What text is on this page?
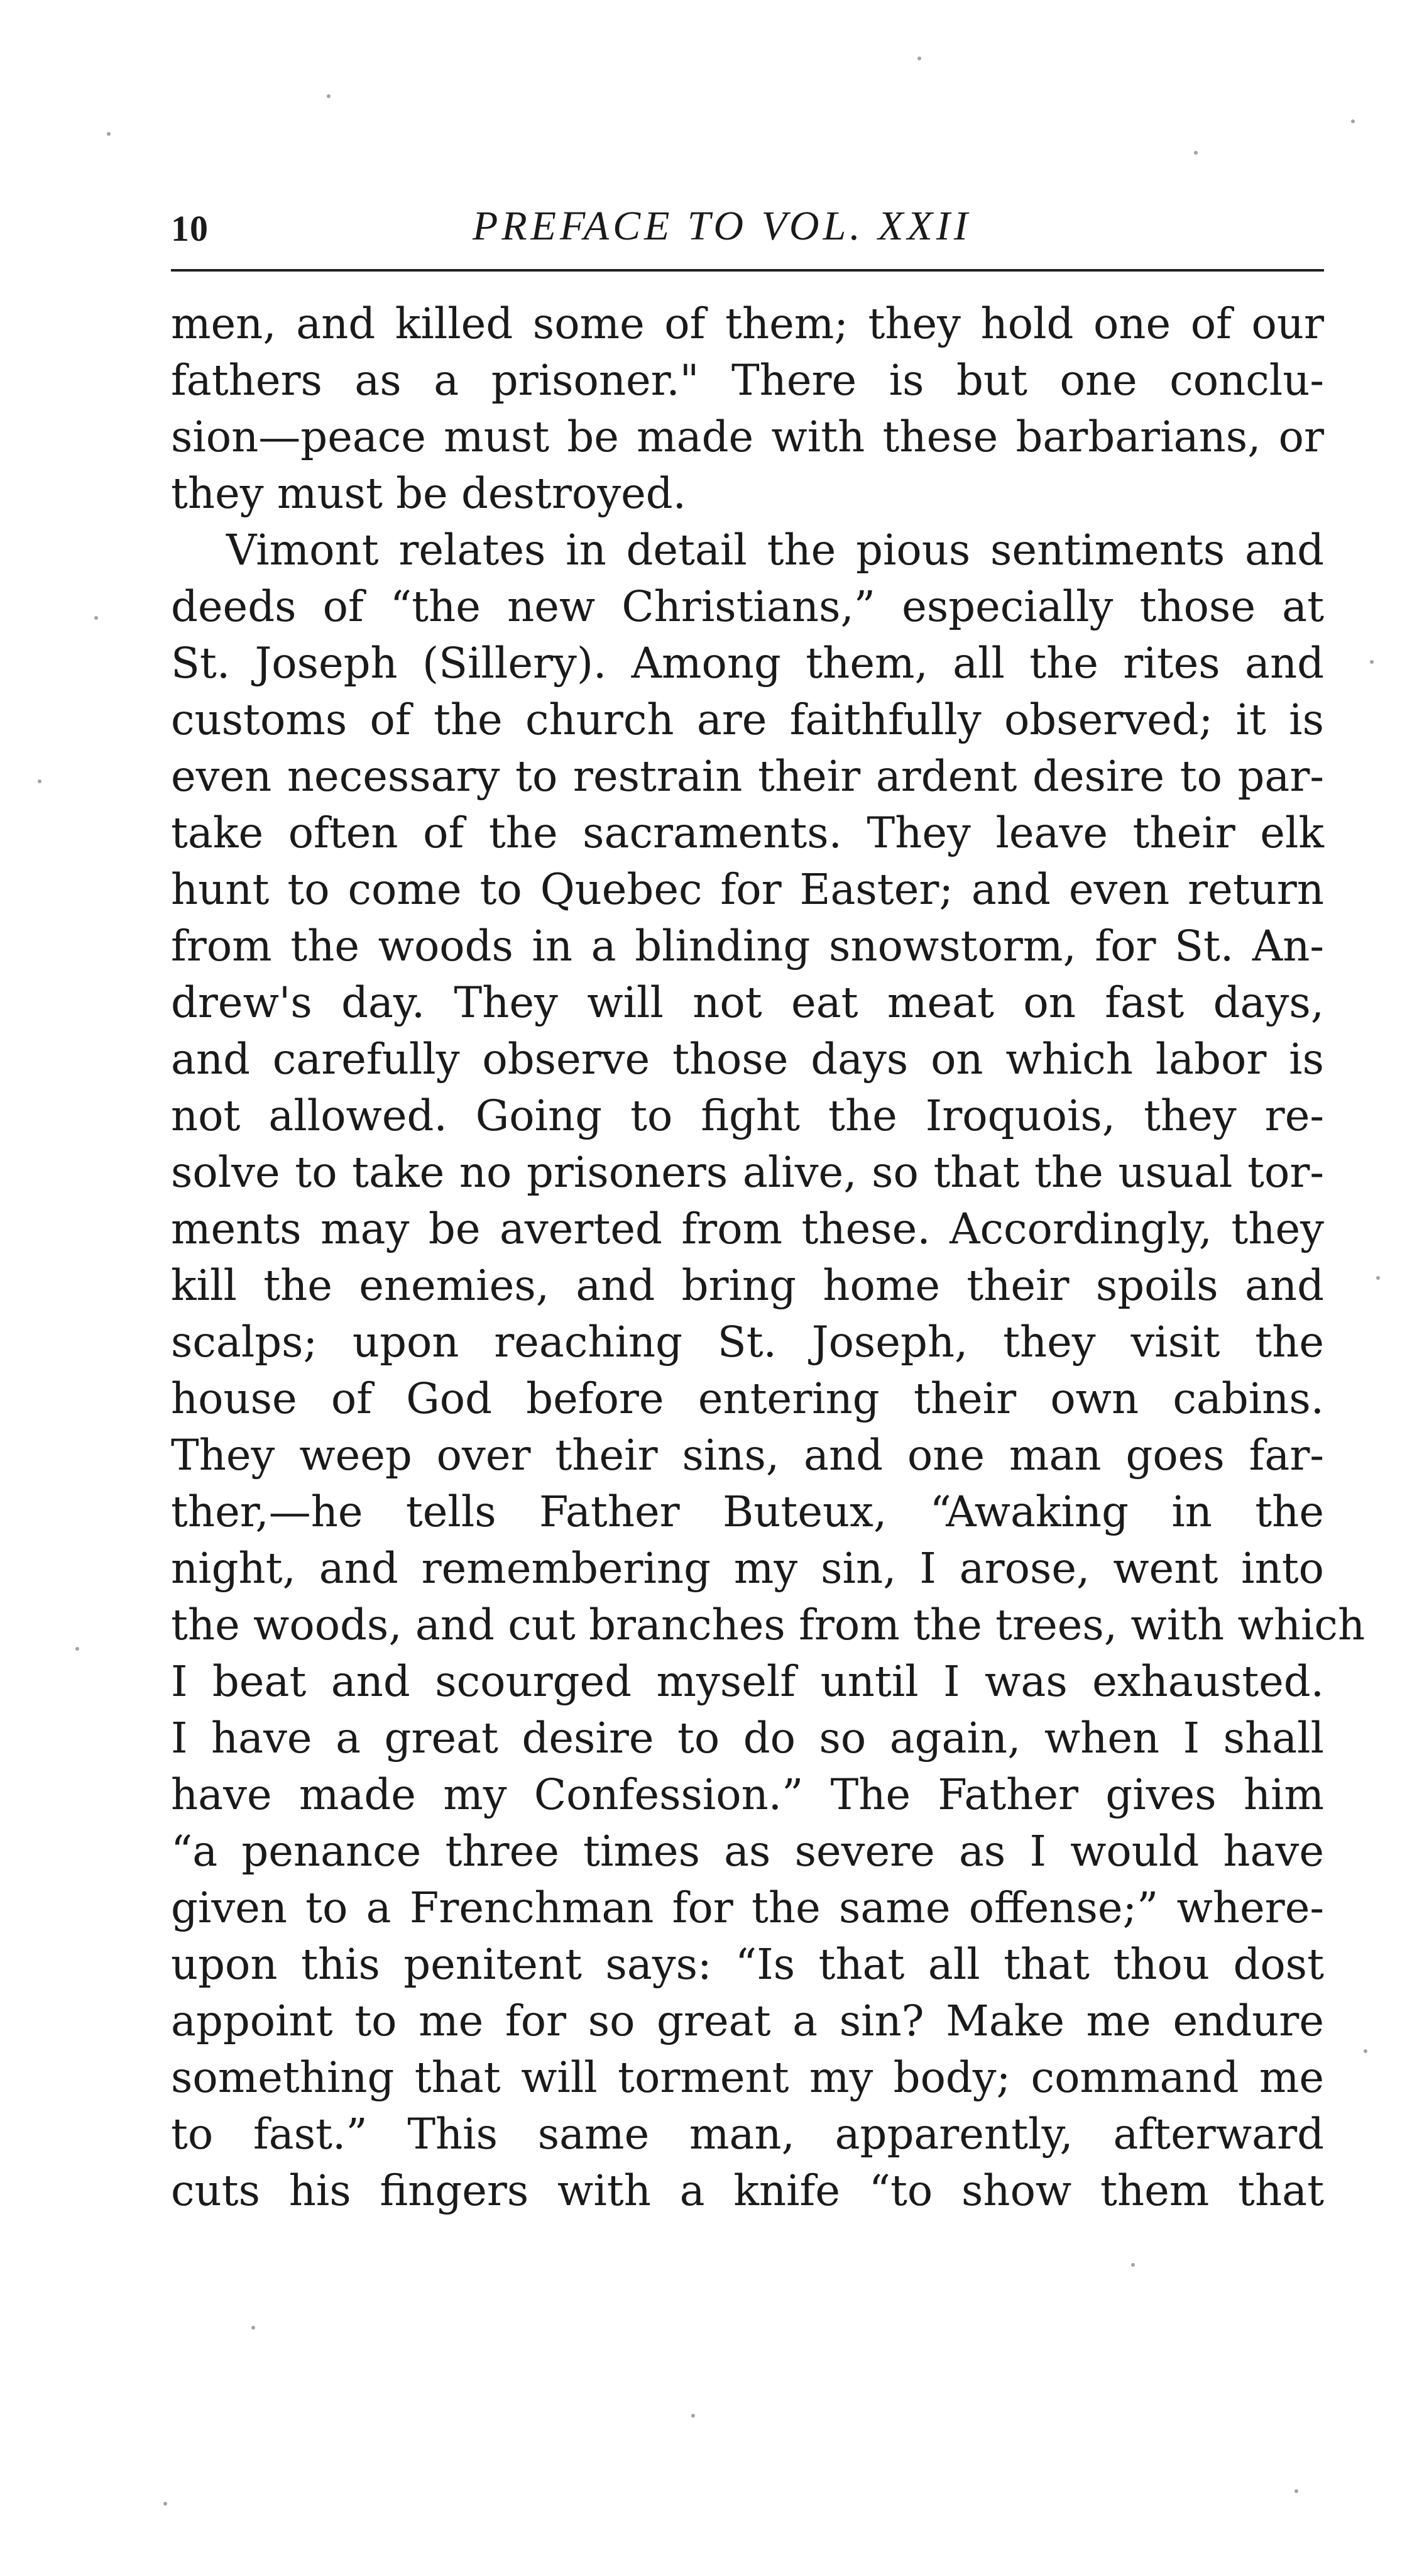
10	PREFACE TO VOL. XXII
men, and killed some of them; they hold one of our
fathers as a prisoner." There is but one conclu-
sion—peace must be made with these barbarians, or
they must be destroyed.
Vimont relates in detail the pious sentiments and
deeds of “the new Christians,” especially those at
St. Joseph (Sillery). Among them, all the rites and
customs of the church are faithfully observed; it is
even necessary to restrain their ardent desire to par-
take often of the sacraments. They leave their elk
hunt to come to Quebec for Easter; and even return
from the woods in a blinding snowstorm, for St. An-
drew's day. They will not eat meat on fast days,
and carefully observe those days on which labor is
not allowed. Going to fight the Iroquois, they re-
solve to take no prisoners alive, so that the usual tor-
ments may be averted from these. Accordingly, they
kill the enemies, and bring home their spoils and
scalps; upon reaching St. Joseph, they visit the
house of God before entering their own cabins.
They weep over their sins, and one man goes far-
ther,—he tells Father Buteux, “Awaking in the
night, and remembering my sin, I arose, went into
the woods, and cut branches from the trees, with which
I beat and scourged myself until I was exhausted.
I have a great desire to do so again, when I shall
have made my Confession.” The Father gives him
“a penance three times as severe as I would have
given to a Frenchman for the same offense;” where-
upon this penitent says: “Is that all that thou dost
appoint to me for so great a sin? Make me endure
something that will torment my body; command me
to fast.” This same man, apparently, afterward
cuts his fingers with a knife “to show them that
